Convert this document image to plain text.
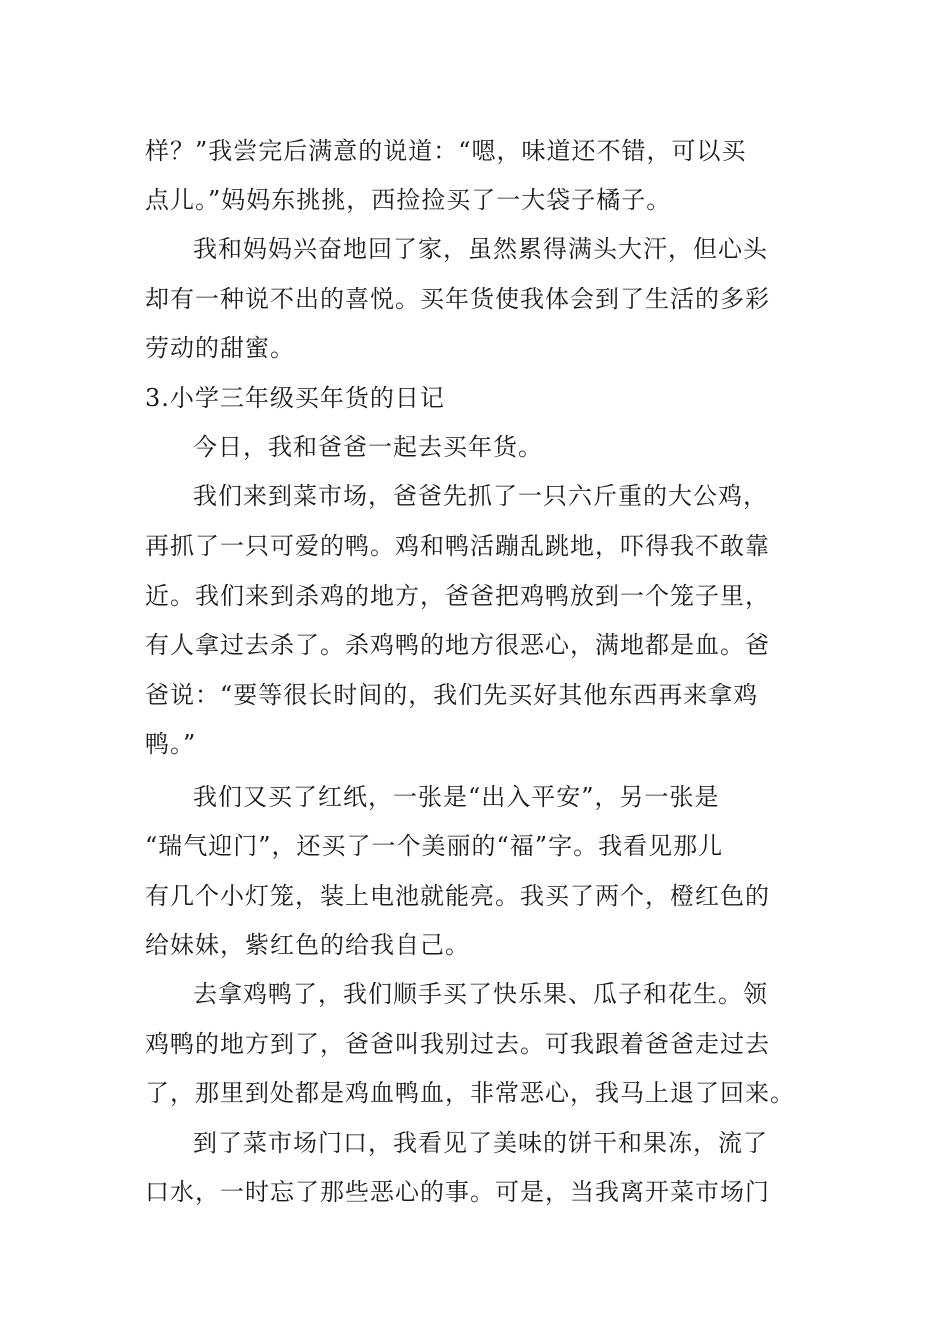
样？”我尝完后满意的说道：“嗯，味道还不错，可以买
点儿。”妈妈东挑挑，西捡捡买了一大袋子橘子。
我和妈妈兴奋地回了家，虽然累得满头大汗，但心头
却有一种说不出的喜悦。买年货使我体会到了生活的多彩
劳动的甜蜜。
3.小学三年级买年货的日记
今日，我和爸爸一起去买年货。
我们来到菜市场，爸爸先抓了一只六斤重的大公鸡，
再抓了一只可爱的鸭。鸡和鸭活蹦乱跳地，吓得我不敢靠
近。我们来到杀鸡的地方，爸爸把鸡鸭放到一个笼子里，
有人拿过去杀了。杀鸡鸭的地方很恶心，满地都是血。爸
爸说：“要等很长时间的，我们先买好其他东西再来拿鸡
鸭。”
我们又买了红纸，一张是“出入平安”，另一张是
“瑞气迎门”，还买了一个美丽的“福”字。我看见那儿
有几个小灯笼，装上电池就能亮。我买了两个，橙红色的
给妹妹，紫红色的给我自己。
去拿鸡鸭了，我们顺手买了快乐果、瓜子和花生。领
鸡鸭的地方到了，爸爸叫我别过去。可我跟着爸爸走过去
了，那里到处都是鸡血鸭血，非常恶心，我马上退了回来。
到了菜市场门口，我看见了美味的饼干和果冻，流了
口水，一时忘了那些恶心的事。可是，当我离开菜市场门
